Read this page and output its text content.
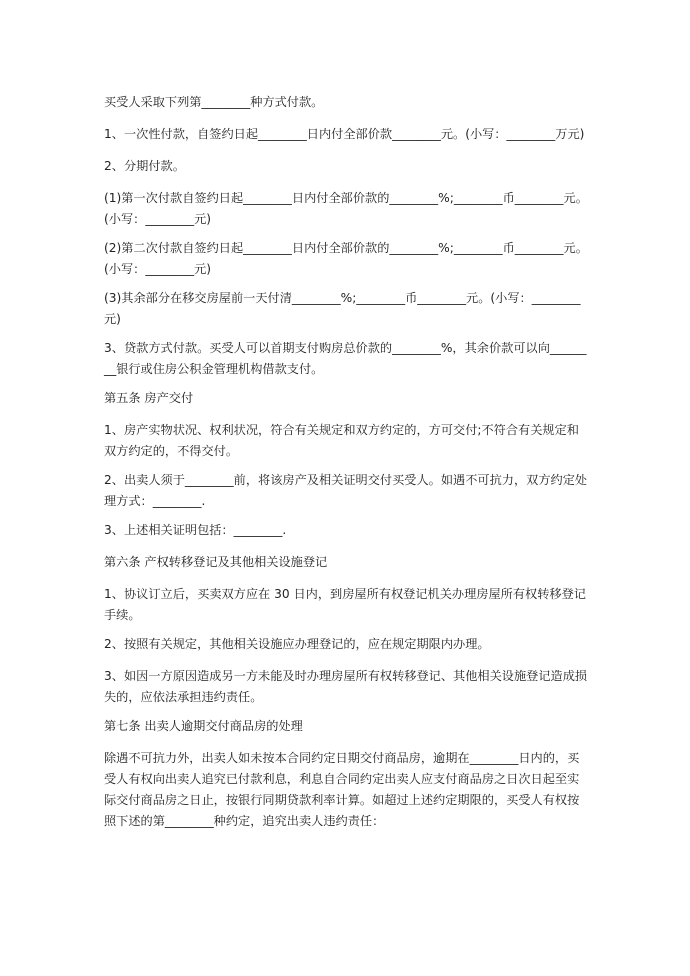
买受人采取下列第________种方式付款。

1、一次性付款，自签约日起________日内付全部价款________元。(小写：________万元)

2、分期付款。

(1)第一次付款自签约日起________日内付全部价款的________%;________币________元。(小写：________元)

(2)第二次付款自签约日起________日内付全部价款的________%;________币________元。(小写：________元)

(3)其余部分在移交房屋前一天付清________%;________币________元。(小写：________元)

3、贷款方式付款。买受人可以首期支付购房总价款的________%，其余价款可以向________银行或住房公积金管理机构借款支付。

第五条 房产交付

1、房产实物状况、权利状况，符合有关规定和双方约定的，方可交付;不符合有关规定和双方约定的，不得交付。

2、出卖人须于________前，将该房产及相关证明交付买受人。如遇不可抗力，双方约定处理方式：________.

3、上述相关证明包括：________.

第六条 产权转移登记及其他相关设施登记

1、协议订立后，买卖双方应在 30 日内，到房屋所有权登记机关办理房屋所有权转移登记手续。

2、按照有关规定，其他相关设施应办理登记的，应在规定期限内办理。

3、如因一方原因造成另一方未能及时办理房屋所有权转移登记、其他相关设施登记造成损失的，应依法承担违约责任。

第七条 出卖人逾期交付商品房的处理

除遇不可抗力外，出卖人如未按本合同约定日期交付商品房，逾期在________日内的，买受人有权向出卖人追究已付款利息，利息自合同约定出卖人应支付商品房之日次日起至实际交付商品房之日止，按银行同期贷款利率计算。如超过上述约定期限的，买受人有权按照下述的第________种约定，追究出卖人违约责任：
